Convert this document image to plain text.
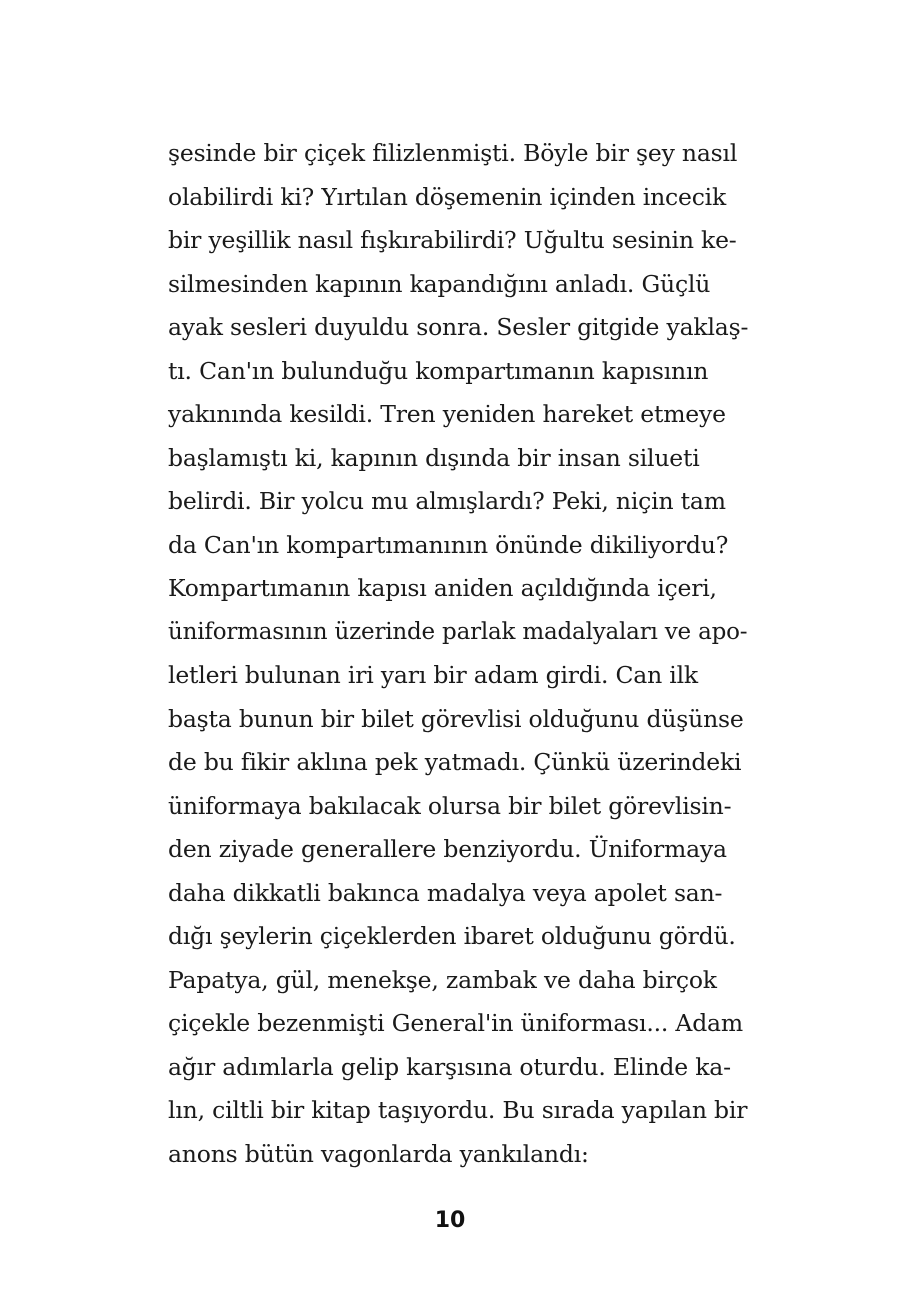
şesinde bir çiçek filizlenmişti. Böyle bir şey nasıl
olabilirdi ki? Yırtılan döşemenin içinden incecik
bir yeşillik nasıl fışkırabilirdi? Uğultu sesinin ke-
silmesinden kapının kapandığını anladı. Güçlü
ayak sesleri duyuldu sonra. Sesler gitgide yaklaş-
tı. Can'ın bulunduğu kompartımanın kapısının
yakınında kesildi. Tren yeniden hareket etmeye
başlamıştı ki, kapının dışında bir insan silueti
belirdi. Bir yolcu mu almışlardı? Peki, niçin tam
da Can'ın kompartımanının önünde dikiliyordu?
Kompartımanın kapısı aniden açıldığında içeri,
üniformasının üzerinde parlak madalyaları ve apo-
letleri bulunan iri yarı bir adam girdi. Can ilk
başta bunun bir bilet görevlisi olduğunu düşünse
de bu fikir aklına pek yatmadı. Çünkü üzerindeki
üniformaya bakılacak olursa bir bilet görevlisin-
den ziyade generallere benziyordu. Üniformaya
daha dikkatli bakınca madalya veya apolet san-
dığı şeylerin çiçeklerden ibaret olduğunu gördü.
Papatya, gül, menekşe, zambak ve daha birçok
çiçekle bezenmişti General'in üniforması... Adam
ağır adımlarla gelip karşısına oturdu. Elinde ka-
lın, ciltli bir kitap taşıyordu. Bu sırada yapılan bir
anons bütün vagonlarda yankılandı:
10
